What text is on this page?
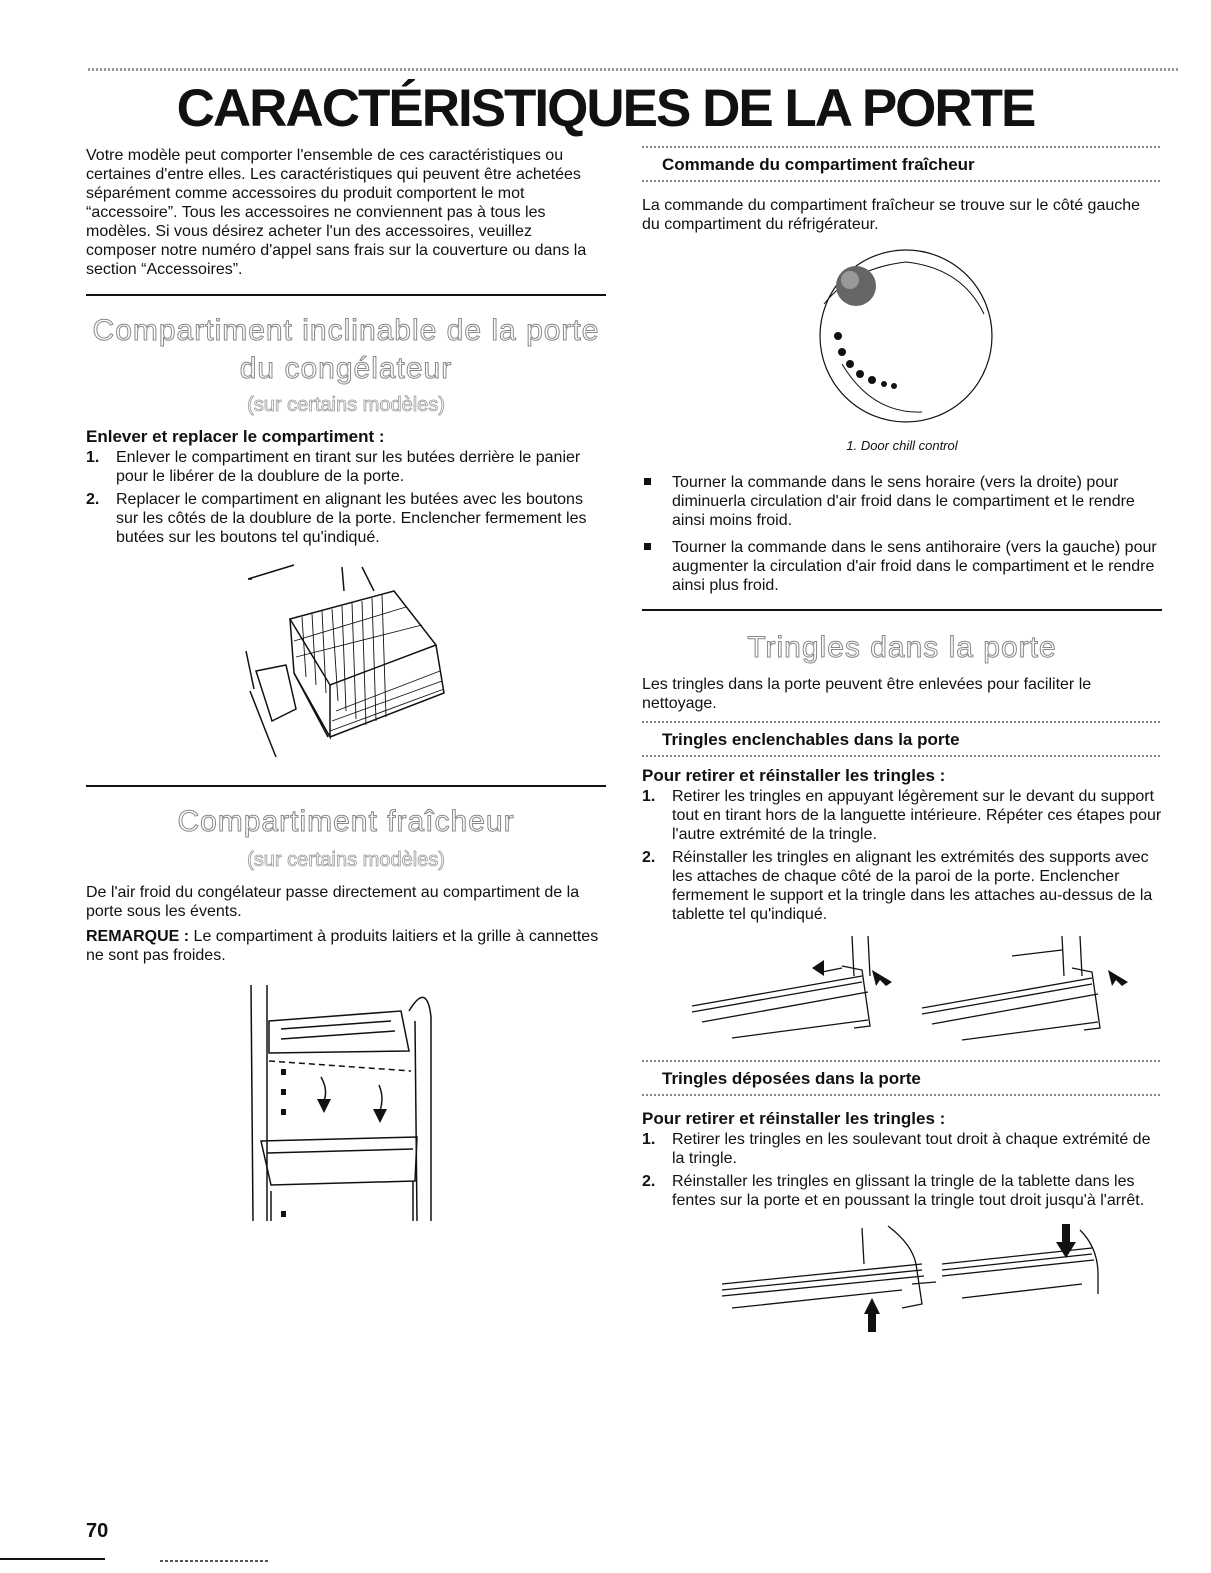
CARACTÉRISTIQUES DE LA PORTE

Votre modèle peut comporter l'ensemble de ces caractéristiques ou certaines d'entre elles. Les caractéristiques qui peuvent être achetées séparément comme accessoires du produit comportent le mot “accessoire”. Tous les accessoires ne conviennent pas à tous les modèles. Si vous désirez acheter l'un des accessoires, veuillez composer notre numéro d'appel sans frais sur la couverture ou dans la section “Accessoires”.

Compartiment inclinable de la porte
du congélateur
(sur certains modèles)
Enlever et replacer le compartiment :
1. Enlever le compartiment en tirant sur les butées derrière le panier pour le libérer de la doublure de la porte.
2. Replacer le compartiment en alignant les butées avec les boutons sur les côtés de la doublure de la porte. Enclencher fermement les butées sur les boutons tel qu'indiqué.
Compartiment fraîcheur
(sur certains modèles)

De l'air froid du congélateur passe directement au compartiment de la porte sous les évents.

REMARQUE : Le compartiment à produits laitiers et la grille à cannettes ne sont pas froides.

Commande du compartiment fraîcheur

La commande du compartiment fraîcheur se trouve sur le côté gauche du compartiment du réfrigérateur.

1. Door chill control
Tourner la commande dans le sens horaire (vers la droite) pour diminuerla circulation d'air froid dans le compartiment et le rendre ainsi moins froid.
Tourner la commande dans le sens antihoraire (vers la gauche) pour augmenter la circulation d'air froid dans le compartiment et le rendre ainsi plus froid.
Tringles dans la porte

Les tringles dans la porte peuvent être enlevées pour faciliter le nettoyage.

Tringles enclenchables dans la porte
Pour retirer et réinstaller les tringles :
1. Retirer les tringles en appuyant légèrement sur le devant du support tout en tirant hors de la languette intérieure. Répéter ces étapes pour l'autre extrémité de la tringle.
2. Réinstaller les tringles en alignant les extrémités des supports avec les attaches de chaque côté de la paroi de la porte. Enclencher fermement le support et la tringle dans les attaches au-dessus de la tablette tel qu'indiqué.
Tringles déposées dans la porte
Pour retirer et réinstaller les tringles :
1. Retirer les tringles en les soulevant tout droit à chaque extrémité de la tringle.
2. Réinstaller les tringles en glissant la tringle de la tablette dans les fentes sur la porte et en poussant la tringle tout droit jusqu'à l'arrêt.
70
